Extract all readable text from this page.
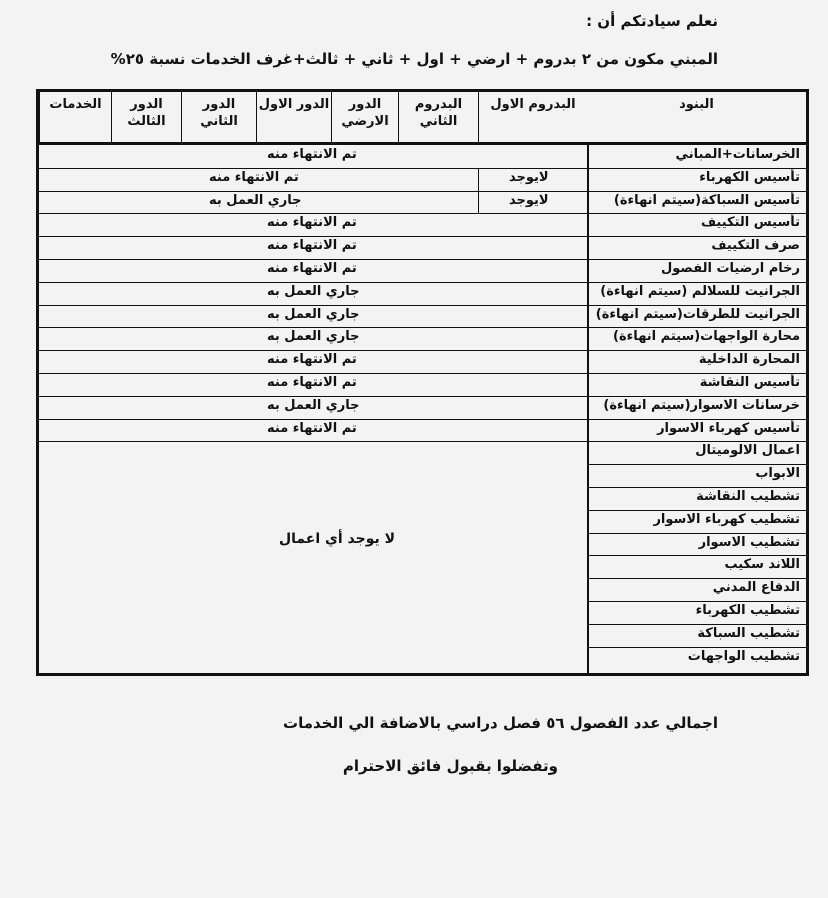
نعلم سيادتكم أن :
المبني مكون من ٢ بدروم + ارضي + اول + ثاني + ثالث+غرف الخدمات نسبة ٢٥%
البنود
البدروم الاول
البدروم الثاني
الدور الارضي
الدور الاول
الدور الثاني
الدور الثالث
الخدمات
الخرسانات+المباني
تم الانتهاء منه
تأسيس الكهرباء
لايوجد
تم الانتهاء منه
تأسيس السباكة(سيتم انهاءة)
لايوجد
جاري العمل به
تأسيس التكييف
تم الانتهاء منه
صرف التكييف
تم الانتهاء منه
رخام ارضيات الفصول
تم الانتهاء منه
الجرانيت للسلالم (سيتم انهاءة)
جاري العمل به
الجرانيت للطرقات(سيتم انهاءة)
جاري العمل به
محارة الواجهات(سيتم انهاءة)
جاري العمل به
المحارة الداخلية
تم الانتهاء منه
تأسيس النقاشة
تم الانتهاء منه
خرسانات الاسوار(سيتم انهاءة)
جاري العمل به
تأسيس كهرباء الاسوار
تم الانتهاء منه
اعمال الالوميتال
الابواب
تشطيب النقاشة
تشطيب كهرباء الاسوار
تشطيب الاسوار
اللاند سكيب
الدفاع المدني
تشطيب الكهرباء
تشطيب السباكة
تشطيب الواجهات
لا يوجد أي اعمال
اجمالي عدد الفصول ٥٦ فصل دراسي بالاضافة الي الخدمات
وتفضلوا بقبول فائق الاحترام
